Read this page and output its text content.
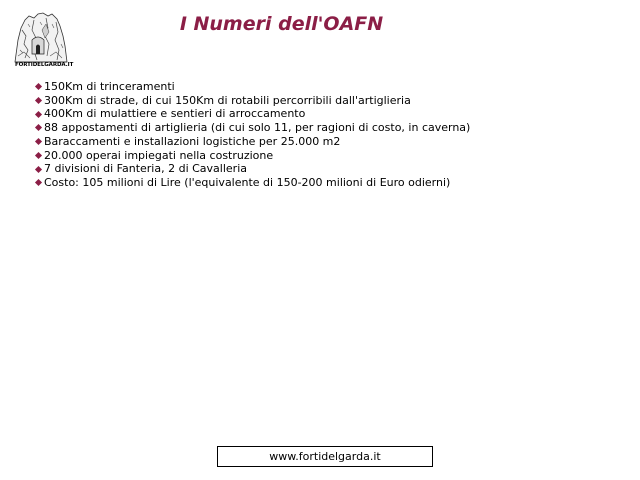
FORTIDELGARDA.IT
I Numeri dell'OAFN
150Km di trinceramenti
300Km di strade, di cui 150Km di rotabili percorribili dall'artiglieria
400Km di mulattiere e sentieri di arroccamento
88 appostamenti di artiglieria (di cui solo 11, per ragioni di costo, in caverna)
Baraccamenti e installazioni logistiche per 25.000 m2
20.000 operai impiegati nella costruzione
7 divisioni di Fanteria, 2 di Cavalleria
Costo: 105 milioni di Lire (l'equivalente di 150-200 milioni di Euro odierni)
www.fortidelgarda.it
